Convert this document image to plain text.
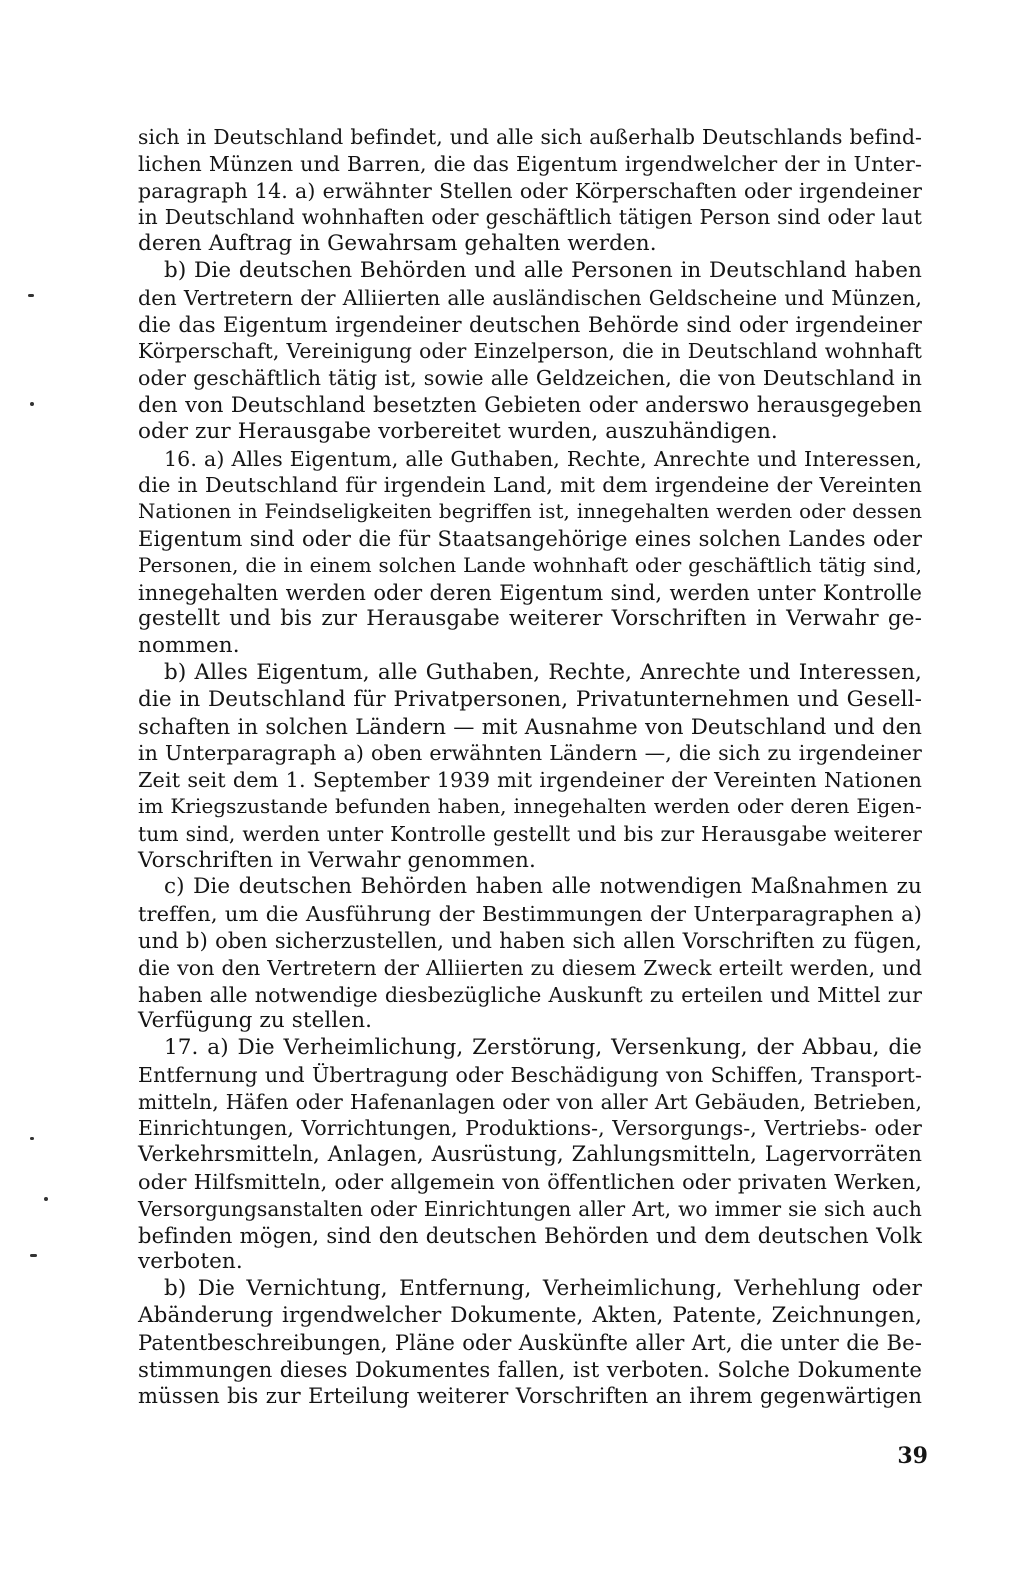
sich in Deutschland befindet, und alle sich außerhalb Deutschlands befind-
lichen Münzen und Barren, die das Eigentum irgendwelcher der in Unter-
paragraph 14. a) erwähnter Stellen oder Körperschaften oder irgendeiner
in Deutschland wohnhaften oder geschäftlich tätigen Person sind oder laut
deren Auftrag in Gewahrsam gehalten werden.

b) Die deutschen Behörden und alle Personen in Deutschland haben
den Vertretern der Alliierten alle ausländischen Geldscheine und Münzen,
die das Eigentum irgendeiner deutschen Behörde sind oder irgendeiner
Körperschaft, Vereinigung oder Einzelperson, die in Deutschland wohnhaft
oder geschäftlich tätig ist, sowie alle Geldzeichen, die von Deutschland in
den von Deutschland besetzten Gebieten oder anderswo herausgegeben
oder zur Herausgabe vorbereitet wurden, auszuhändigen.

16. a) Alles Eigentum, alle Guthaben, Rechte, Anrechte und Interessen,
die in Deutschland für irgendein Land, mit dem irgendeine der Vereinten
Nationen in Feindseligkeiten begriffen ist, innegehalten werden oder dessen
Eigentum sind oder die für Staatsangehörige eines solchen Landes oder
Personen, die in einem solchen Lande wohnhaft oder geschäftlich tätig sind,
innegehalten werden oder deren Eigentum sind, werden unter Kontrolle
gestellt und bis zur Herausgabe weiterer Vorschriften in Verwahr ge-
nommen.

b) Alles Eigentum, alle Guthaben, Rechte, Anrechte und Interessen,
die in Deutschland für Privatpersonen, Privatunternehmen und Gesell-
schaften in solchen Ländern — mit Ausnahme von Deutschland und den
in Unterparagraph a) oben erwähnten Ländern —, die sich zu irgendeiner
Zeit seit dem 1. September 1939 mit irgendeiner der Vereinten Nationen
im Kriegszustande befunden haben, innegehalten werden oder deren Eigen-
tum sind, werden unter Kontrolle gestellt und bis zur Herausgabe weiterer
Vorschriften in Verwahr genommen.

c) Die deutschen Behörden haben alle notwendigen Maßnahmen zu
treffen, um die Ausführung der Bestimmungen der Unterparagraphen a)
und b) oben sicherzustellen, und haben sich allen Vorschriften zu fügen,
die von den Vertretern der Alliierten zu diesem Zweck erteilt werden, und
haben alle notwendige diesbezügliche Auskunft zu erteilen und Mittel zur
Verfügung zu stellen.

17. a) Die Verheimlichung, Zerstörung, Versenkung, der Abbau, die
Entfernung und Übertragung oder Beschädigung von Schiffen, Transport-
mitteln, Häfen oder Hafenanlagen oder von aller Art Gebäuden, Betrieben,
Einrichtungen, Vorrichtungen, Produktions-, Versorgungs-, Vertriebs- oder
Verkehrsmitteln, Anlagen, Ausrüstung, Zahlungsmitteln, Lagervorräten
oder Hilfsmitteln, oder allgemein von öffentlichen oder privaten Werken,
Versorgungsanstalten oder Einrichtungen aller Art, wo immer sie sich auch
befinden mögen, sind den deutschen Behörden und dem deutschen Volk
verboten.

b) Die Vernichtung, Entfernung, Verheimlichung, Verhehlung oder
Abänderung irgendwelcher Dokumente, Akten, Patente, Zeichnungen,
Patentbeschreibungen, Pläne oder Auskünfte aller Art, die unter die Be-
stimmungen dieses Dokumentes fallen, ist verboten. Solche Dokumente
müssen bis zur Erteilung weiterer Vorschriften an ihrem gegenwärtigen

39
